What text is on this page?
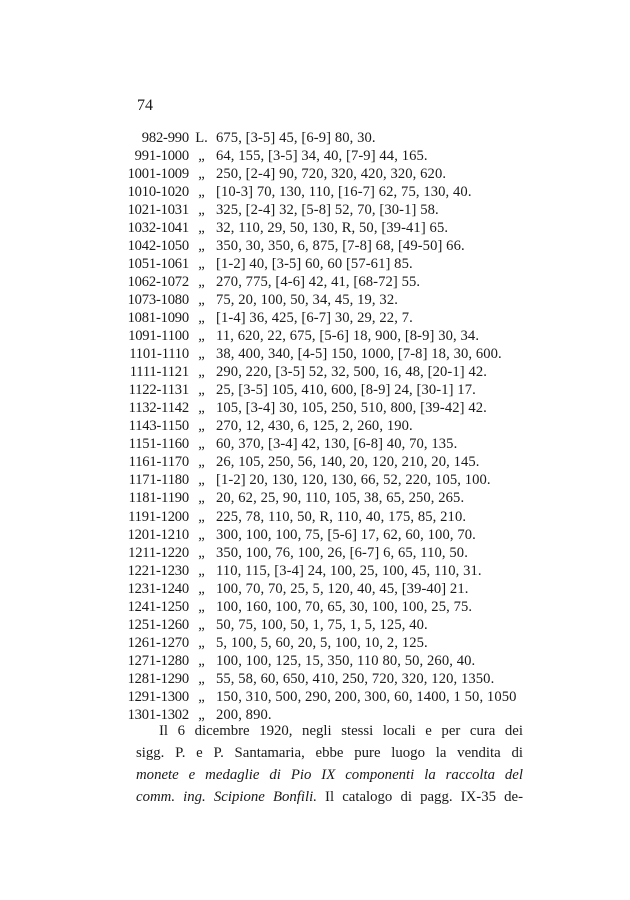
74
982-990 L. 675, [3-5] 45, [6-9] 80, 30.
991-1000 „ 64, 155, [3-5] 34, 40, [7-9] 44, 165.
1001-1009 „ 250, [2-4] 90, 720, 320, 420, 320, 620.
1010-1020 „ [10-3] 70, 130, 110, [16-7] 62, 75, 130, 40.
1021-1031 „ 325, [2-4] 32, [5-8] 52, 70, [30-1] 58.
1032-1041 „ 32, 110, 29, 50, 130, R, 50, [39-41] 65.
1042-1050 „ 350, 30, 350, 6, 875, [7-8] 68, [49-50] 66.
1051-1061 „ [1-2] 40, [3-5] 60, 60 [57-61] 85.
1062-1072 „ 270, 775, [4-6] 42, 41, [68-72] 55.
1073-1080 „ 75, 20, 100, 50, 34, 45, 19, 32.
1081-1090 „ [1-4] 36, 425, [6-7] 30, 29, 22, 7.
1091-1100 „ 11, 620, 22, 675, [5-6] 18, 900, [8-9] 30, 34.
1101-1110 „ 38, 400, 340, [4-5] 150, 1000, [7-8] 18, 30, 600.
1111-1121 „ 290, 220, [3-5] 52, 32, 500, 16, 48, [20-1] 42.
1122-1131 „ 25, [3-5] 105, 410, 600, [8-9] 24, [30-1] 17.
1132-1142 „ 105, [3-4] 30, 105, 250, 510, 800, [39-42] 42.
1143-1150 „ 270, 12, 430, 6, 125, 2, 260, 190.
1151-1160 „ 60, 370, [3-4] 42, 130, [6-8] 40, 70, 135.
1161-1170 „ 26, 105, 250, 56, 140, 20, 120, 210, 20, 145.
1171-1180 „ [1-2] 20, 130, 120, 130, 66, 52, 220, 105, 100.
1181-1190 „ 20, 62, 25, 90, 110, 105, 38, 65, 250, 265.
1191-1200 „ 225, 78, 110, 50, R, 110, 40, 175, 85, 210.
1201-1210 „ 300, 100, 100, 75, [5-6] 17, 62, 60, 100, 70.
1211-1220 „ 350, 100, 76, 100, 26, [6-7] 6, 65, 110, 50.
1221-1230 „ 110, 115, [3-4] 24, 100, 25, 100, 45, 110, 31.
1231-1240 „ 100, 70, 70, 25, 5, 120, 40, 45, [39-40] 21.
1241-1250 „ 100, 160, 100, 70, 65, 30, 100, 100, 25, 75.
1251-1260 „ 50, 75, 100, 50, 1, 75, 1, 5, 125, 40.
1261-1270 „ 5, 100, 5, 60, 20, 5, 100, 10, 2, 125.
1271-1280 „ 100, 100, 125, 15, 350, 110 80, 50, 260, 40.
1281-1290 „ 55, 58, 60, 650, 410, 250, 720, 320, 120, 1350.
1291-1300 „ 150, 310, 500, 290, 200, 300, 60, 1400, 1 50, 1050
1301-1302 „ 200, 890.
Il 6 dicembre 1920, negli stessi locali e per cura dei
sigg. P. e P. Santamaria, ebbe pure luogo la vendita di
monete e medaglie di Pio IX componenti la raccolta del
comm. ing. Scipione Bonfili. Il catalogo di pagg. IX-35 de-
